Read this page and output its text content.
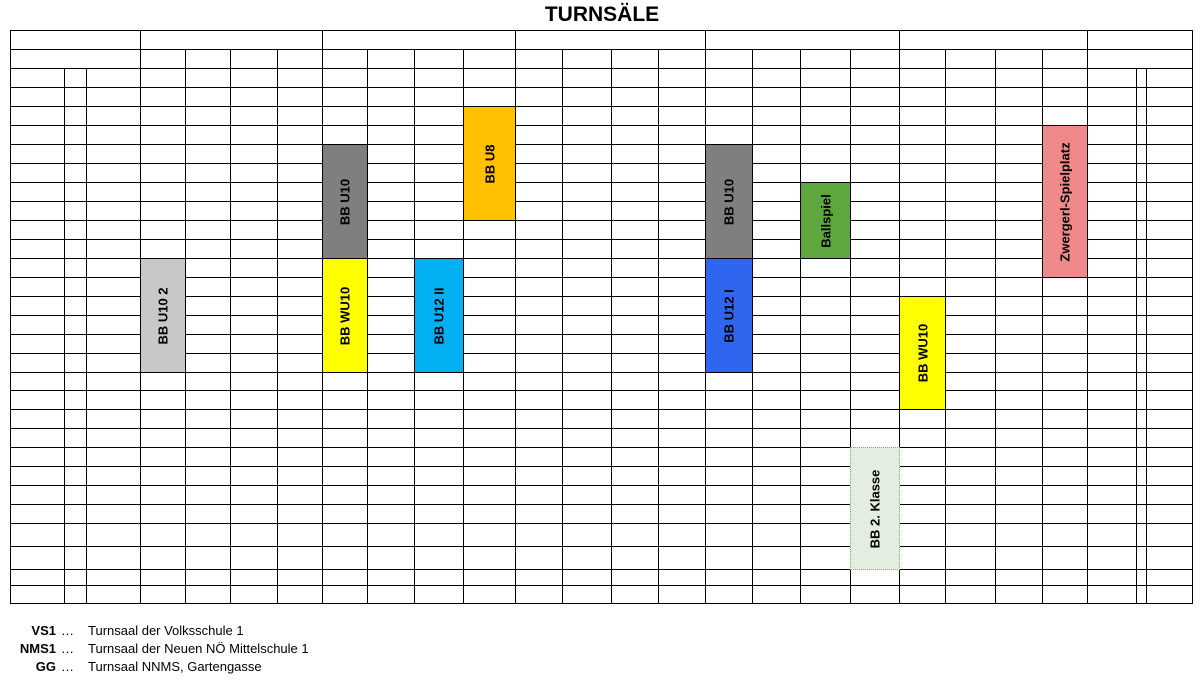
TURNSÄLE
BB U10 2
BB U10
BB WU10	BB U12 II
BB U8
BB U10
BB U12 I
Ballspiel
BB 2. Klasse
BB WU10
Zwergerl-Spielplatz
VS1 … Turnsaal der Volksschule 1
NMS1 … Turnsaal der Neuen NÖ Mittelschule 1
GG … Turnsaal NNMS, Gartengasse
